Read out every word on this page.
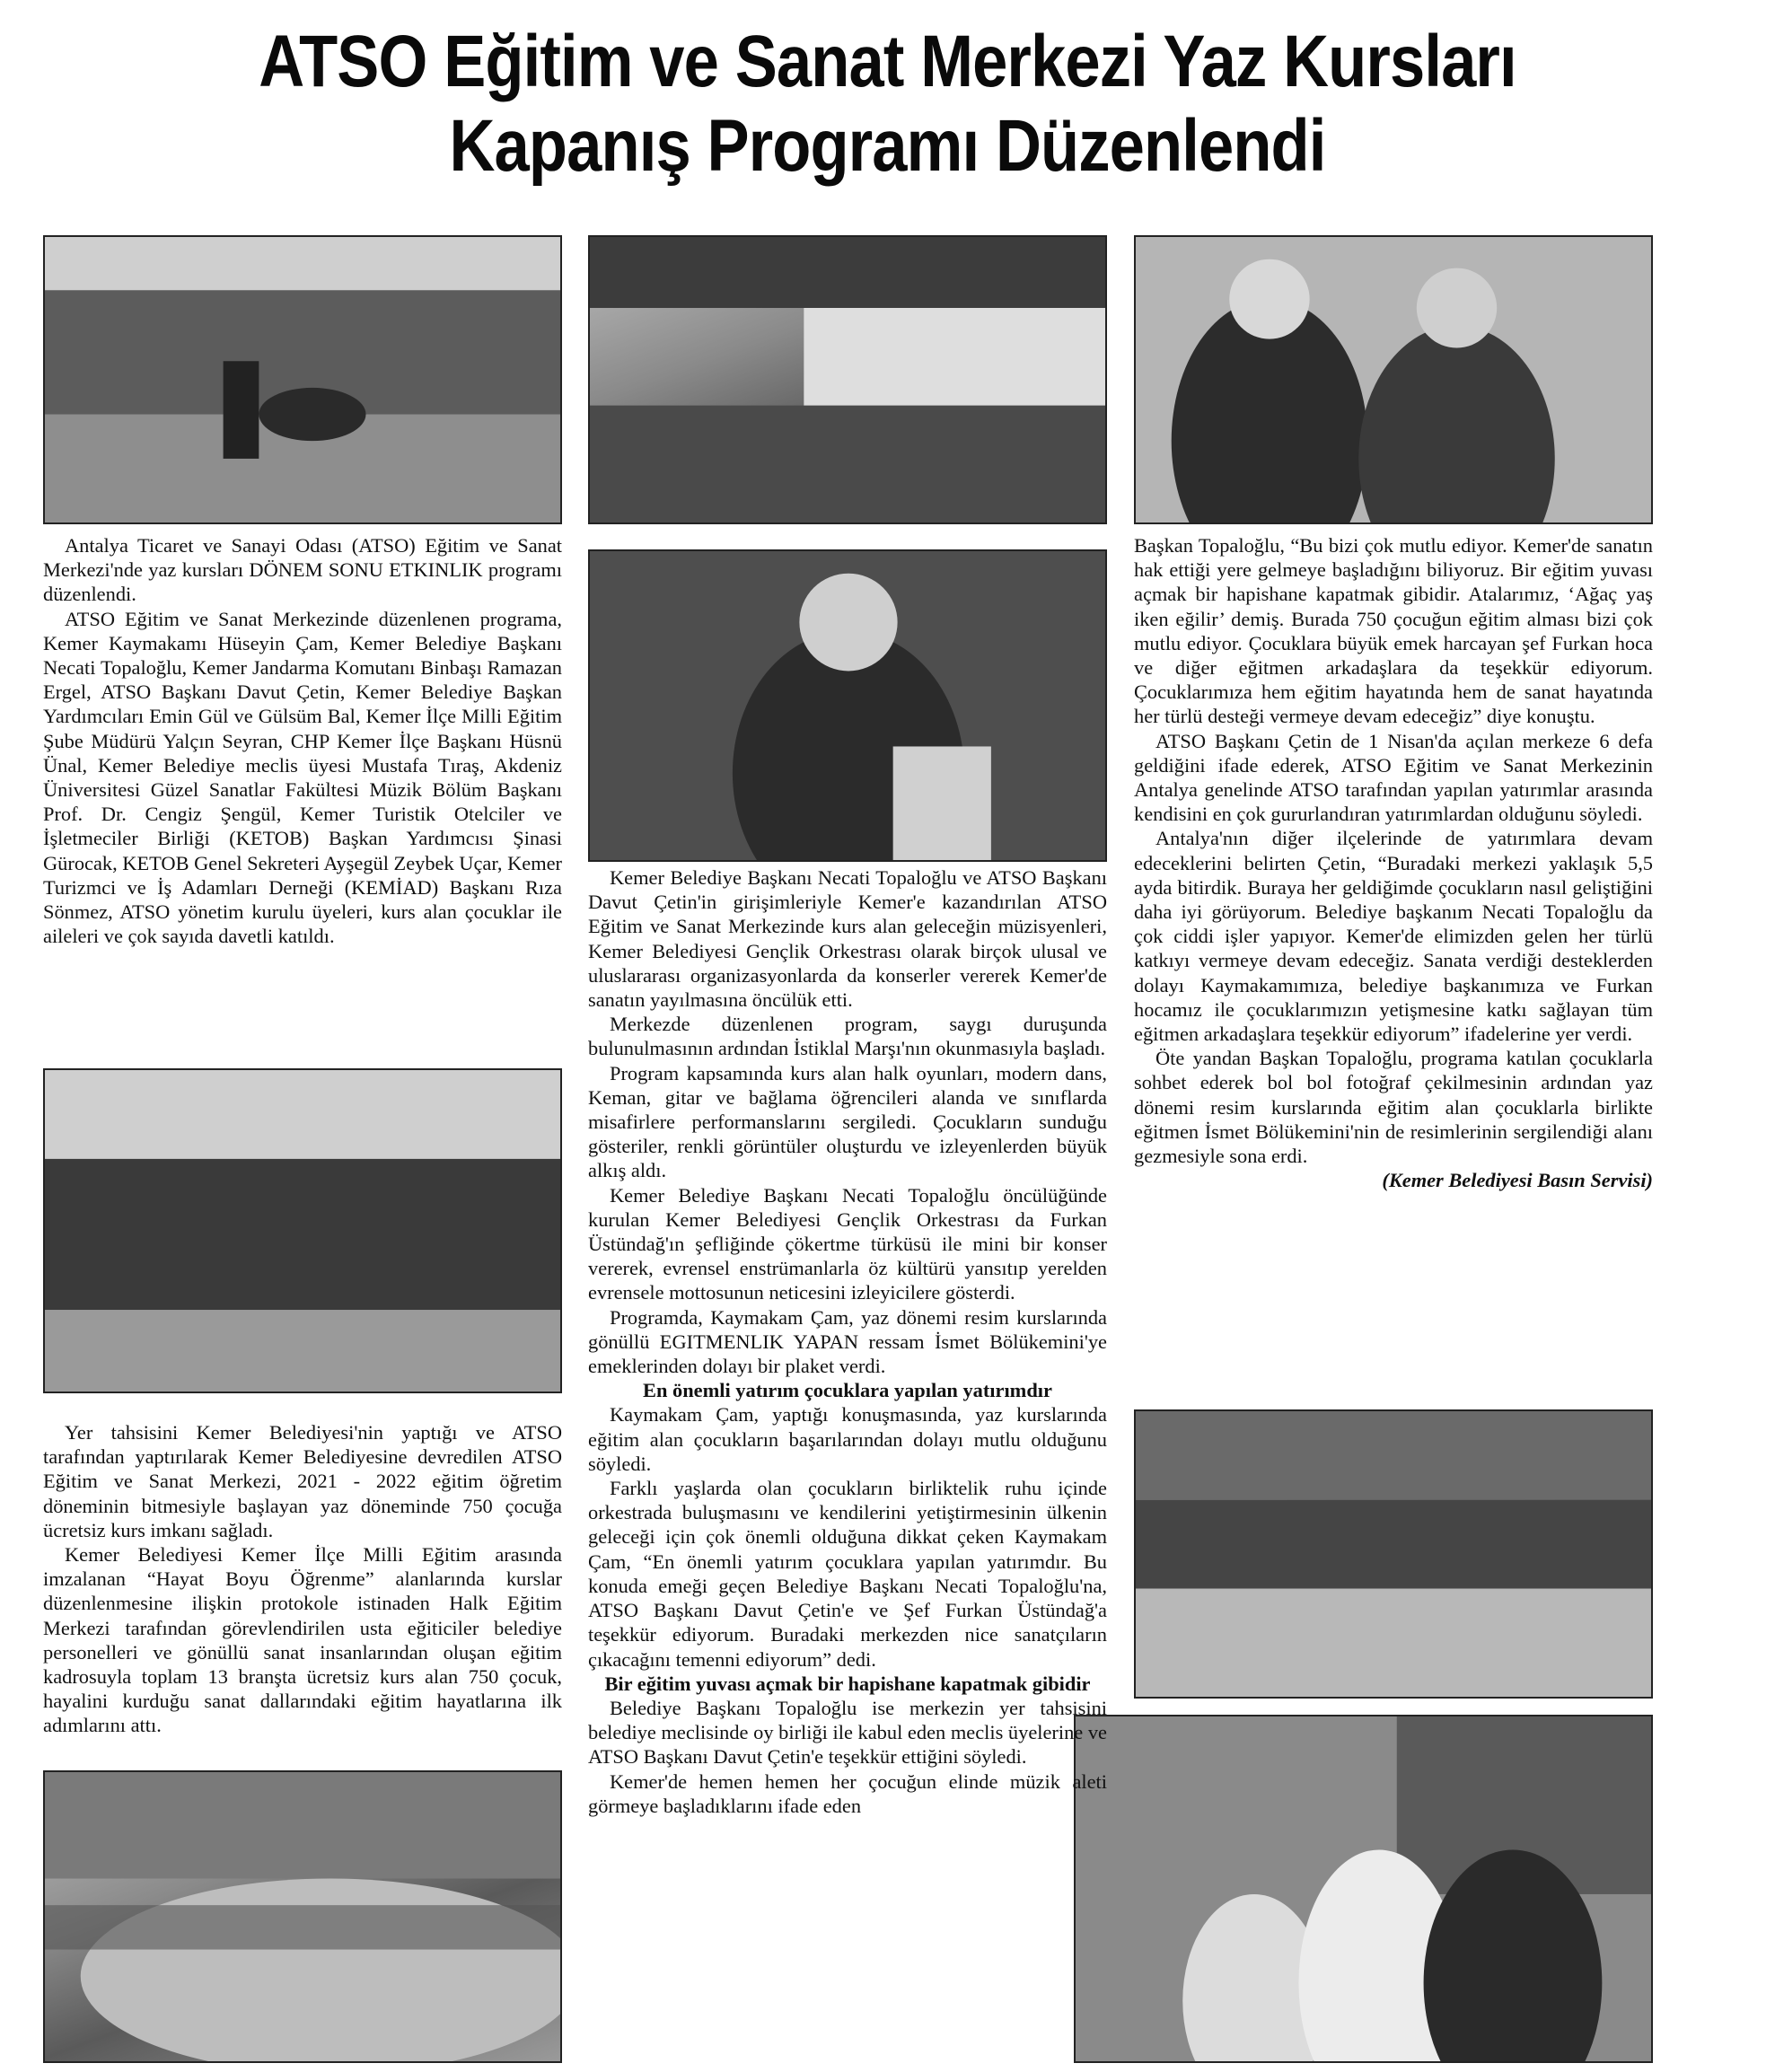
ATSO Eğitim ve Sanat Merkezi Yaz Kursları
Kapanış Programı Düzenlendi

Antalya Ticaret ve Sanayi Odası (ATSO) Eğitim ve Sanat Merkezi'nde yaz kursları DÖNEM SONU ETKINLIK programı düzenlendi.

ATSO Eğitim ve Sanat Merkezinde düzenlenen programa, Kemer Kaymakamı Hüseyin Çam, Kemer Belediye Başkanı Necati Topaloğlu, Kemer Jandarma Komutanı Binbaşı Ramazan Ergel, ATSO Başkanı Davut Çetin, Kemer Belediye Başkan Yardımcıları Emin Gül ve Gülsüm Bal, Kemer İlçe Milli Eğitim Şube Müdürü Yalçın Seyran, CHP Kemer İlçe Başkanı Hüsnü Ünal, Kemer Belediye meclis üyesi Mustafa Tıraş, Akdeniz Üniversitesi Güzel Sanatlar Fakültesi Müzik Bölüm Başkanı Prof. Dr. Cengiz Şengül, Kemer Turistik Otelciler ve İşletmeciler Birliği (KETOB) Başkan Yardımcısı Şinasi Gürocak, KETOB Genel Sekreteri Ayşegül Zeybek Uçar, Kemer Turizmci ve İş Adamları Derneği (KEMİAD) Başkanı Rıza Sönmez, ATSO yönetim kurulu üyeleri, kurs alan çocuklar ile aileleri ve çok sayıda davetli katıldı.

Yer tahsisini Kemer Belediyesi'nin yaptığı ve ATSO tarafından yaptırılarak Kemer Belediyesine devredilen ATSO Eğitim ve Sanat Merkezi, 2021 - 2022 eğitim öğretim döneminin bitmesiyle başlayan yaz döneminde 750 çocuğa ücretsiz kurs imkanı sağladı.

Kemer Belediyesi Kemer İlçe Milli Eğitim arasında imzalanan “Hayat Boyu Öğrenme” alanlarında kurslar düzenlenmesine ilişkin protokole istinaden Halk Eğitim Merkezi tarafından görevlendirilen usta eğiticiler belediye personelleri ve gönüllü sanat insanlarından oluşan eğitim kadrosuyla toplam 13 branşta ücretsiz kurs alan 750 çocuk, hayalini kurduğu sanat dallarındaki eğitim hayatlarına ilk adımlarını attı.

Kemer Belediye Başkanı Necati Topaloğlu ve ATSO Başkanı Davut Çetin'in girişimleriyle Kemer'e kazandırılan ATSO Eğitim ve Sanat Merkezinde kurs alan geleceğin müzisyenleri, Kemer Belediyesi Gençlik Orkestrası olarak birçok ulusal ve uluslararası organizasyonlarda da konserler vererek Kemer'de sanatın yayılmasına öncülük etti.

Merkezde düzenlenen program, saygı duruşunda bulunulmasının ardından İstiklal Marşı'nın okunmasıyla başladı.

Program kapsamında kurs alan halk oyunları, modern dans, Keman, gitar ve bağlama öğrencileri alanda ve sınıflarda misafirlere performanslarını sergiledi. Çocukların sunduğu gösteriler, renkli görüntüler oluşturdu ve izleyenlerden büyük alkış aldı.

Kemer Belediye Başkanı Necati Topaloğlu öncülüğünde kurulan Kemer Belediyesi Gençlik Orkestrası da Furkan Üstündağ'ın şefliğinde çökertme türküsü ile mini bir konser vererek, evrensel enstrümanlarla öz kültürü yansıtıp yerelden evrensele mottosunun neticesini izleyicilere gösterdi.

Programda, Kaymakam Çam, yaz dönemi resim kurslarında gönüllü EGITMENLIK YAPAN ressam İsmet Bölükemini'ye emeklerinden dolayı bir plaket verdi.

En önemli yatırım çocuklara yapılan yatırımdır

Kaymakam Çam, yaptığı konuşmasında, yaz kurslarında eğitim alan çocukların başarılarından dolayı mutlu olduğunu söyledi.

Farklı yaşlarda olan çocukların birliktelik ruhu içinde orkestrada buluşmasını ve kendilerini yetiştirmesinin ülkenin geleceği için çok önemli olduğuna dikkat çeken Kaymakam Çam, “En önemli yatırım çocuklara yapılan yatırımdır. Bu konuda emeği geçen Belediye Başkanı Necati Topaloğlu'na, ATSO Başkanı Davut Çetin'e ve Şef Furkan Üstündağ'a teşekkür ediyorum. Buradaki merkezden nice sanatçıların çıkacağını temenni ediyorum” dedi.

Bir eğitim yuvası açmak bir hapishane kapatmak gibidir

Belediye Başkanı Topaloğlu ise merkezin yer tahsisini belediye meclisinde oy birliği ile kabul eden meclis üyelerine ve ATSO Başkanı Davut Çetin'e teşekkür ettiğini söyledi.

Kemer'de hemen hemen her çocuğun elinde müzik aleti görmeye başladıklarını ifade eden

Başkan Topaloğlu, “Bu bizi çok mutlu ediyor. Kemer'de sanatın hak ettiği yere gelmeye başladığını biliyoruz. Bir eğitim yuvası açmak bir hapishane kapatmak gibidir. Atalarımız, ‘Ağaç yaş iken eğilir’ demiş. Burada 750 çocuğun eğitim alması bizi çok mutlu ediyor. Çocuklara büyük emek harcayan şef Furkan hoca ve diğer eğitmen arkadaşlara da teşekkür ediyorum. Çocuklarımıza hem eğitim hayatında hem de sanat hayatında her türlü desteği vermeye devam edeceğiz” diye konuştu.

ATSO Başkanı Çetin de 1 Nisan'da açılan merkeze 6 defa geldiğini ifade ederek, ATSO Eğitim ve Sanat Merkezinin Antalya genelinde ATSO tarafından yapılan yatırımlar arasında kendisini en çok gururlandıran yatırımlardan olduğunu söyledi.

Antalya'nın diğer ilçelerinde de yatırımlara devam edeceklerini belirten Çetin, “Buradaki merkezi yaklaşık 5,5 ayda bitirdik. Buraya her geldiğimde çocukların nasıl geliştiğini daha iyi görüyorum. Belediye başkanım Necati Topaloğlu da çok ciddi işler yapıyor. Kemer'de elimizden gelen her türlü katkıyı vermeye devam edeceğiz. Sanata verdiği desteklerden dolayı Kaymakamımıza, belediye başkanımıza ve Furkan hocamız ile çocuklarımızın yetişmesine katkı sağlayan tüm eğitmen arkadaşlara teşekkür ediyorum” ifadelerine yer verdi.

Öte yandan Başkan Topaloğlu, programa katılan çocuklarla sohbet ederek bol bol fotoğraf çekilmesinin ardından yaz dönemi resim kurslarında eğitim alan çocuklarla birlikte eğitmen İsmet Bölükemini'nin de resimlerinin sergilendiği alanı gezmesiyle sona erdi.

(Kemer Belediyesi Basın Servisi)
